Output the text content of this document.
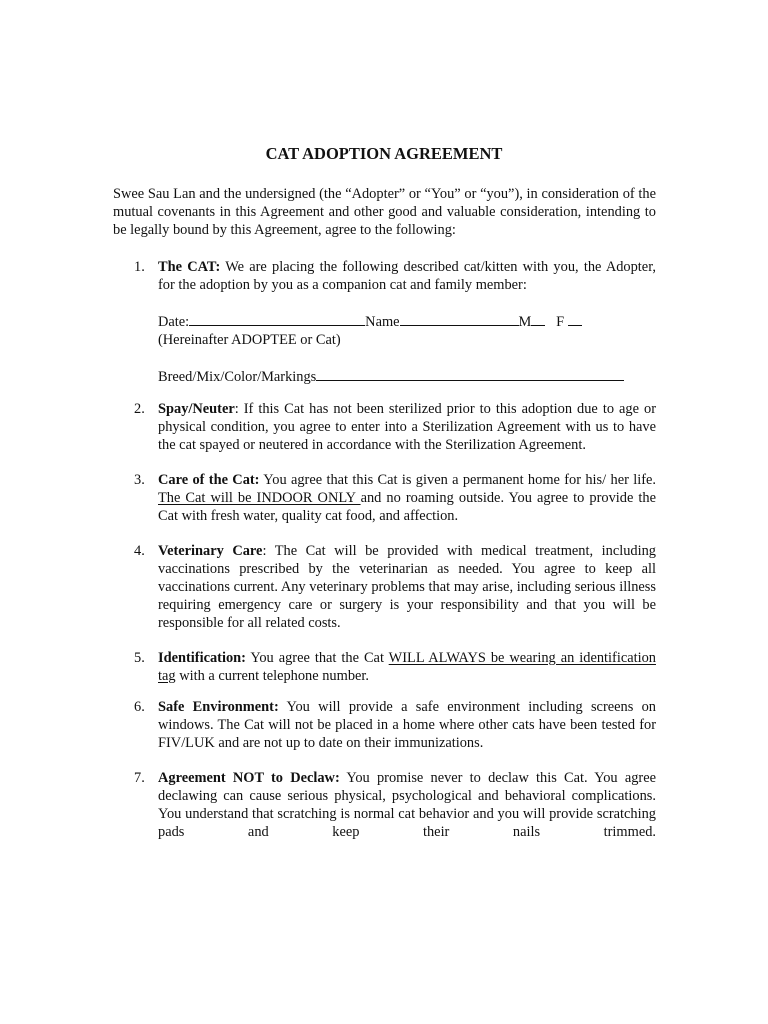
CAT ADOPTION AGREEMENT
Swee Sau Lan and the undersigned (the “Adopter” or “You” or “you”), in consideration of the mutual covenants in this Agreement and other good and valuable consideration, intending to be legally bound by this Agreement, agree to the following:
1. The CAT: We are placing the following described cat/kitten with you, the Adopter, for the adoption by you as a companion cat and family member:
Date:	Name	M F
(Hereinafter ADOPTEE or Cat)
Breed/Mix/Color/Markings
2. Spay/Neuter: If this Cat has not been sterilized prior to this adoption due to age or physical condition, you agree to enter into a Sterilization Agreement with us to have the cat spayed or neutered in accordance with the Sterilization Agreement.
3. Care of the Cat: You agree that this Cat is given a permanent home for his/ her life. The Cat will be INDOOR ONLY and no roaming outside. You agree to provide the Cat with fresh water, quality cat food, and affection.
4. Veterinary Care: The Cat will be provided with medical treatment, including vaccinations prescribed by the veterinarian as needed. You agree to keep all vaccinations current. Any veterinary problems that may arise, including serious illness requiring emergency care or surgery is your responsibility and that you will be responsible for all related costs.
5. Identification: You agree that the Cat WILL ALWAYS be wearing an identification tag with a current telephone number.
6. Safe Environment: You will provide a safe environment including screens on windows. The Cat will not be placed in a home where other cats have been tested for FIV/LUK and are not up to date on their immunizations.
7. Agreement NOT to Declaw: You promise never to declaw this Cat. You agree declawing can cause serious physical, psychological and behavioral complications. You understand that scratching is normal cat behavior and you will provide scratching pads and keep their nails trimmed.
